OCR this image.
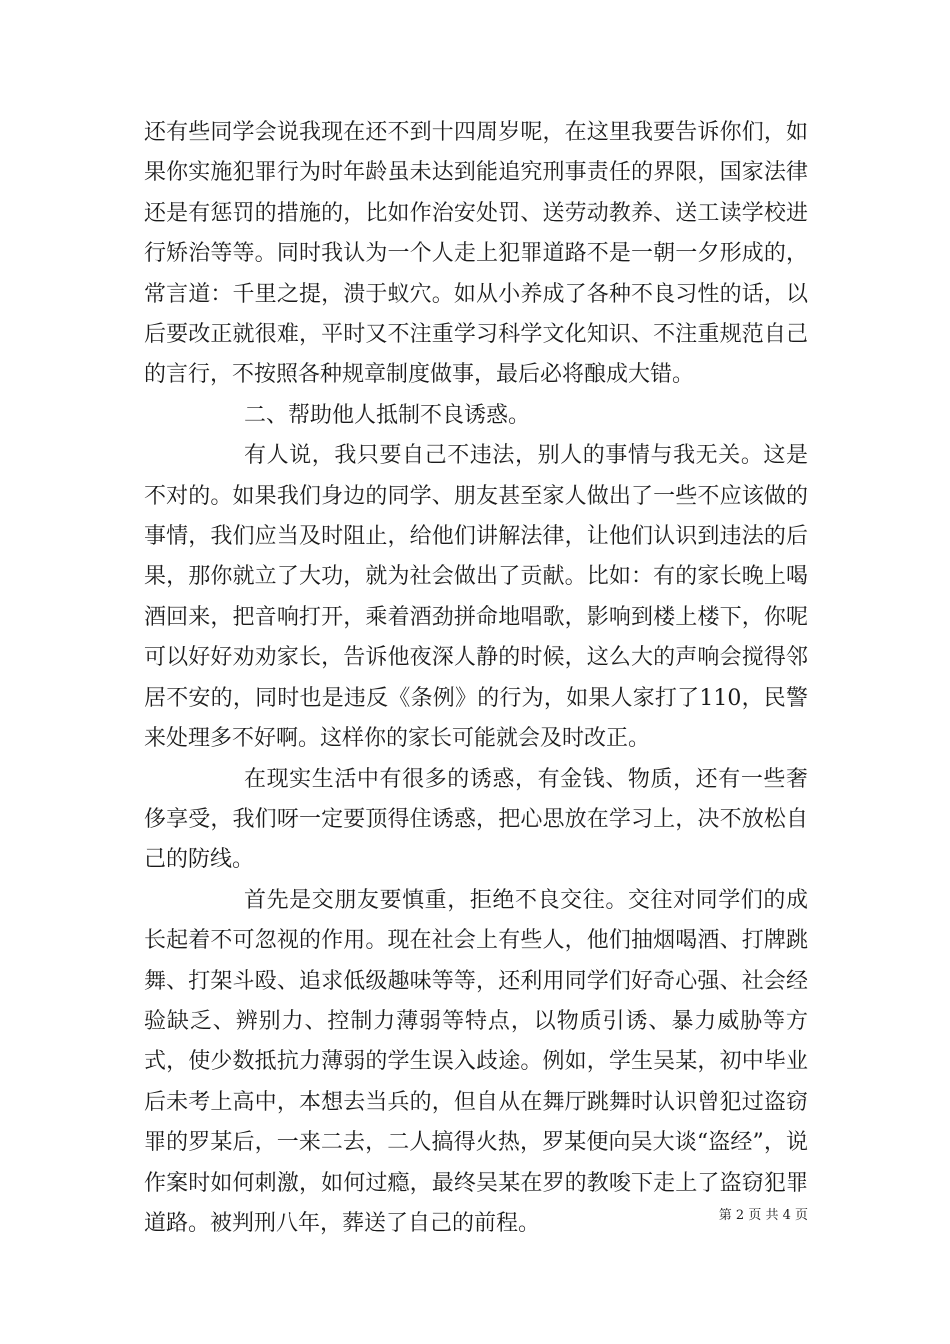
还有些同学会说我现在还不到十四周岁呢，在这里我要告诉你们，如果你实施犯罪行为时年龄虽未达到能追究刑事责任的界限，国家法律还是有惩罚的措施的，比如作治安处罚、送劳动教养、送工读学校进行矫治等等。同时我认为一个人走上犯罪道路不是一朝一夕形成的，常言道：千里之提，溃于蚁穴。如从小养成了各种不良习性的话，以后要改正就很难，平时又不注重学习科学文化知识、不注重规范自己的言行，不按照各种规章制度做事，最后必将酿成大错。

二、帮助他人抵制不良诱惑。

有人说，我只要自己不违法，别人的事情与我无关。这是不对的。如果我们身边的同学、朋友甚至家人做出了一些不应该做的事情，我们应当及时阻止，给他们讲解法律，让他们认识到违法的后果，那你就立了大功，就为社会做出了贡献。比如：有的家长晚上喝酒回来，把音响打开，乘着酒劲拼命地唱歌，影响到楼上楼下，你呢可以好好劝劝家长，告诉他夜深人静的时候，这么大的声响会搅得邻居不安的，同时也是违反《条例》的行为，如果人家打了110，民警来处理多不好啊。这样你的家长可能就会及时改正。

在现实生活中有很多的诱惑，有金钱、物质，还有一些奢侈享受，我们呀一定要顶得住诱惑，把心思放在学习上，决不放松自己的防线。

首先是交朋友要慎重，拒绝不良交往。交往对同学们的成长起着不可忽视的作用。现在社会上有些人，他们抽烟喝酒、打牌跳舞、打架斗殴、追求低级趣味等等，还利用同学们好奇心强、社会经验缺乏、辨别力、控制力薄弱等特点，以物质引诱、暴力威胁等方式，使少数抵抗力薄弱的学生误入歧途。例如，学生吴某，初中毕业后未考上高中，本想去当兵的，但自从在舞厅跳舞时认识曾犯过盗窃罪的罗某后，一来二去，二人搞得火热，罗某便向吴大谈“盗经”，说作案时如何刺激，如何过瘾，最终吴某在罗的教唆下走上了盗窃犯罪道路。被判刑八年，葬送了自己的前程。	第 2 页 共 4 页
